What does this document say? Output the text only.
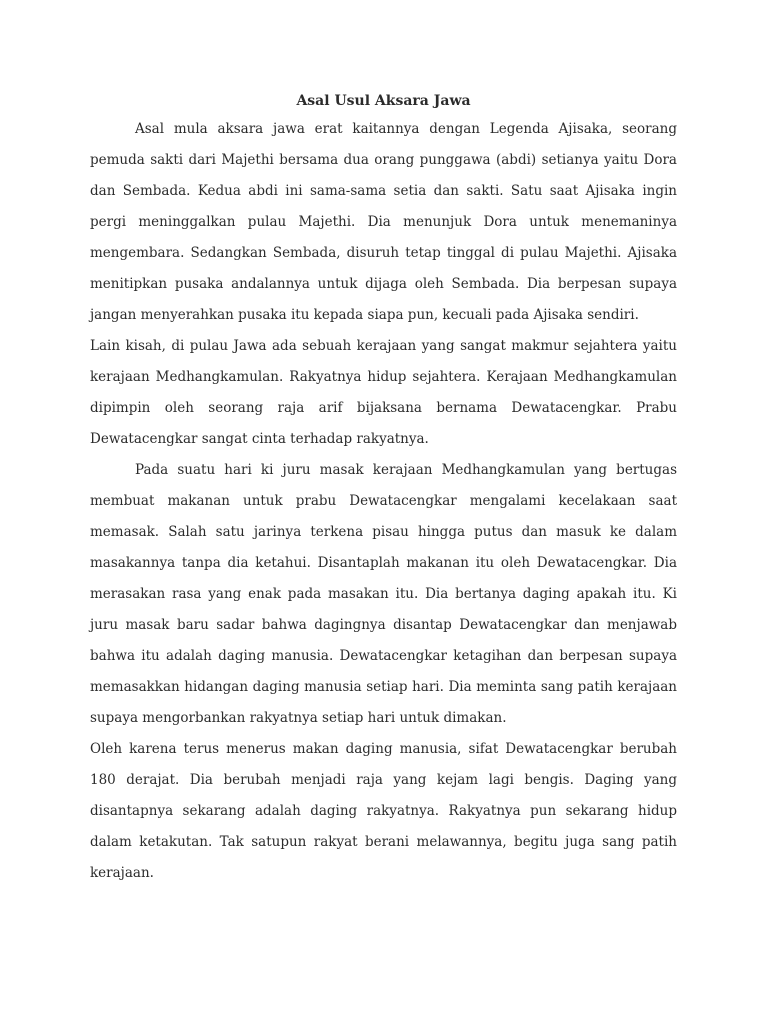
Asal Usul Aksara Jawa

Asal mula aksara jawa erat kaitannya dengan Legenda Ajisaka, seorang pemuda sakti dari Majethi bersama dua orang punggawa (abdi) setianya yaitu Dora dan Sembada. Kedua abdi ini sama-sama setia dan sakti. Satu saat Ajisaka ingin pergi meninggalkan pulau Majethi. Dia menunjuk Dora untuk menemaninya mengembara. Sedangkan Sembada, disuruh tetap tinggal di pulau Majethi. Ajisaka menitipkan pusaka andalannya untuk dijaga oleh Sembada. Dia berpesan supaya jangan menyerahkan pusaka itu kepada siapa pun, kecuali pada Ajisaka sendiri.

Lain kisah, di pulau Jawa ada sebuah kerajaan yang sangat makmur sejahtera yaitu kerajaan Medhangkamulan. Rakyatnya hidup sejahtera. Kerajaan Medhangkamulan dipimpin oleh seorang raja arif bijaksana bernama Dewatacengkar. Prabu Dewatacengkar sangat cinta terhadap rakyatnya.

Pada suatu hari ki juru masak kerajaan Medhangkamulan yang bertugas membuat makanan untuk prabu Dewatacengkar mengalami kecelakaan saat memasak. Salah satu jarinya terkena pisau hingga putus dan masuk ke dalam masakannya tanpa dia ketahui. Disantaplah makanan itu oleh Dewatacengkar. Dia merasakan rasa yang enak pada masakan itu. Dia bertanya daging apakah itu. Ki juru masak baru sadar bahwa dagingnya disantap Dewatacengkar dan menjawab bahwa itu adalah daging manusia. Dewatacengkar ketagihan dan berpesan supaya memasakkan hidangan daging manusia setiap hari. Dia meminta sang patih kerajaan supaya mengorbankan rakyatnya setiap hari untuk dimakan.

Oleh karena terus menerus makan daging manusia, sifat Dewatacengkar berubah 180 derajat. Dia berubah menjadi raja yang kejam lagi bengis. Daging yang disantapnya sekarang adalah daging rakyatnya. Rakyatnya pun sekarang hidup dalam ketakutan. Tak satupun rakyat berani melawannya, begitu juga sang patih kerajaan.
